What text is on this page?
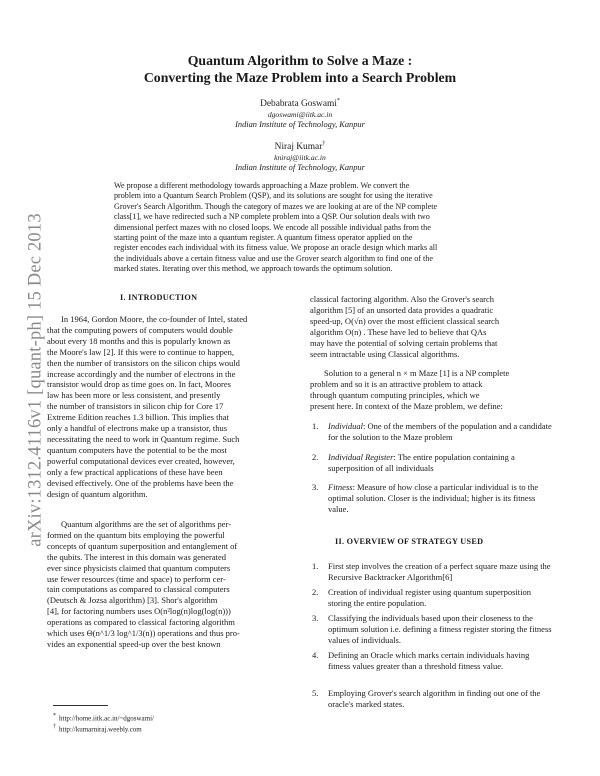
arXiv:1312.4116v1 [quant-ph] 15 Dec 2013
Quantum Algorithm to Solve a Maze :
Converting the Maze Problem into a Search Problem
Debabrata Goswami*
dgoswami@iitk.ac.in
Indian Institute of Technology, Kanpur
Niraj Kumar†
kniraj@iitk.ac.in
Indian Institute of Technology, Kanpur
We propose a different methodology towards approaching a Maze problem. We convert the
problem into a Quantum Search Problem (QSP), and its solutions are sought for using the iterative
Grover's Search Algorithm. Though the category of mazes we are looking at are of the NP complete
class[1], we have redirected such a NP complete problem into a QSP. Our solution deals with two
dimensional perfect mazes with no closed loops. We encode all possible individual paths from the
starting point of the maze into a quantum register. A quantum fitness operator applied on the
register encodes each individual with its fitness value. We propose an oracle design which marks all
the individuals above a certain fitness value and use the Grover search algorithm to find one of the
marked states. Iterating over this method, we approach towards the optimum solution.
I. INTRODUCTION
In 1964, Gordon Moore, the co-founder of Intel, stated
that the computing powers of computers would double
about every 18 months and this is popularly known as
the Moore's law [2]. If this were to continue to happen,
then the number of transistors on the silicon chips would
increase accordingly and the number of electrons in the
transistor would drop as time goes on. In fact, Moores
law has been more or less consistent, and presently
the number of transistors in silicon chip for Core 17
Extreme Edition reaches 1.3 billion. This implies that
only a handful of electrons make up a transistor, thus
necessitating the need to work in Quantum regime. Such
quantum computers have the potential to be the most
powerful computational devices ever created, however,
only a few practical applications of these have been
devised effectively. One of the problems have been the
design of quantum algorithm.
Quantum algorithms are the set of algorithms per-
formed on the quantum bits employing the powerful
concepts of quantum superposition and entanglement of
the qubits. The interest in this domain was generated
ever since physicists claimed that quantum computers
use fewer resources (time and space) to perform cer-
tain computations as compared to classical computers
(Deutsch & Jozsa algorithm) [3]. Shor's algorithm
[4], for factoring numbers uses O(n²log(n)log(log(n)))
operations as compared to classical factoring algorithm
which uses Θ(n^1/3 log^1/3(n)) operations and thus pro-
vides an exponential speed-up over the best known
* http://home.iitk.ac.in/~dgoswami/
† http://kumarniraj.weebly.com
classical factoring algorithm. Also the Grover's search
algorithm [5] of an unsorted data provides a quadratic
speed-up, O(√n) over the most efficient classical search
algorithm O(n) . These have led to believe that QAs
may have the potential of solving certain problems that
seem intractable using Classical algorithms.
Solution to a general n × m Maze [1] is a NP complete
problem and so it is an attractive problem to attack
through quantum computing principles, which we
present here. In context of the Maze problem, we define:
1. Individual: One of the members of the population and a candidate for the solution to the Maze problem
2. Individual Register: The entire population containing a superposition of all individuals
3. Fitness: Measure of how close a particular individual is to the optimal solution. Closer is the individual; higher is its fitness value.
II. OVERVIEW OF STRATEGY USED
1. First step involves the creation of a perfect square maze using the Recursive Backtracker Algorithm[6]
2. Creation of individual register using quantum superposition storing the entire population.
3. Classifying the individuals based upon their closeness to the optimum solution i.e. defining a fitness register storing the fitness values of individuals.
4. Defining an Oracle which marks certain individuals having fitness values greater than a threshold fitness value.
5. Employing Grover's search algorithm in finding out one of the oracle's marked states.
